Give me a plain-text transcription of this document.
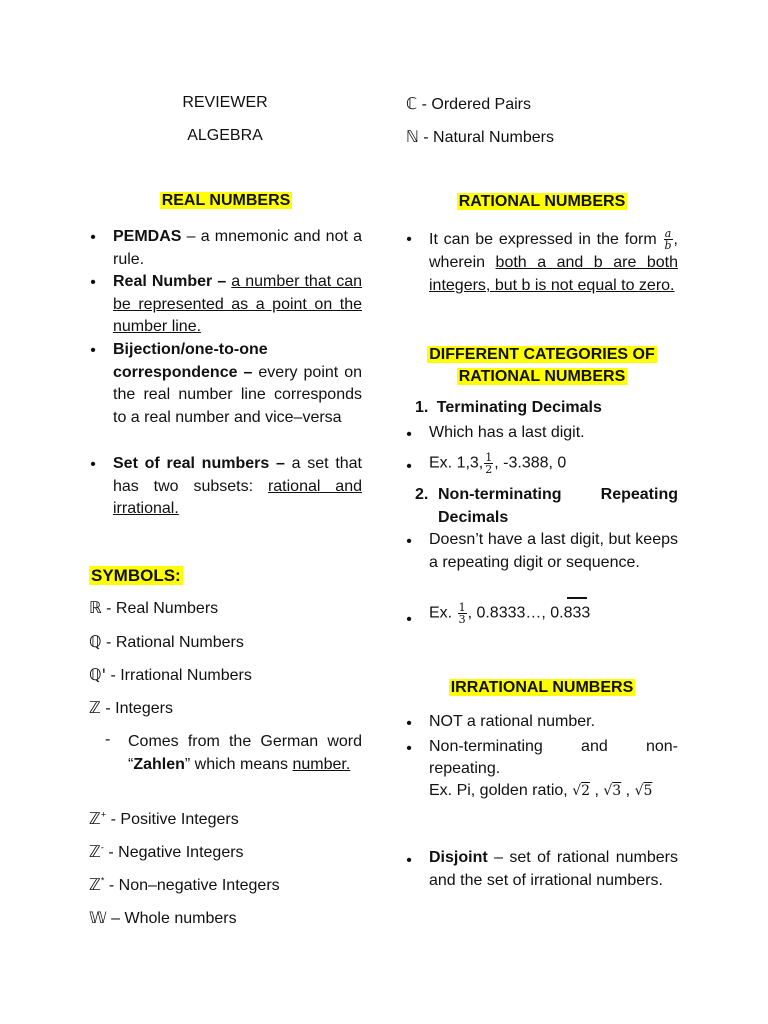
REVIEWER
ALGEBRA
ℂ - Ordered Pairs
ℕ - Natural Numbers
REAL NUMBERS
• PEMDAS – a mnemonic and not a rule.
• Real Number – a number that can be represented as a point on the number line.
• Bijection/one-to-one correspondence – every point on the real number line corresponds to a real number and vice–versa
• Set of real numbers – a set that has two subsets: rational and irrational.
SYMBOLS:
ℝ - Real Numbers
ℚ - Rational Numbers
ℚ' - Irrational Numbers
ℤ - Integers
- Comes from the German word “Zahlen” which means number.
ℤ+ - Positive Integers
ℤ- - Negative Integers
ℤ* - Non–negative Integers
𝕎 – Whole numbers
RATIONAL NUMBERS
• It can be expressed in the form $\frac{a}{b}$ , wherein both a and b are both integers, but b is not equal to zero.
DIFFERENT CATEGORIES OF
RATIONAL NUMBERS
1. Terminating Decimals
• Which has a last digit.
• Ex. 1,3, $\frac{1}{2}$ , -3.388, 0
2. Non-terminating Repeating Decimals
• Doesn’t have a last digit, but keeps a repeating digit or sequence.
• Ex. $\frac{1}{3}$ , 0.8333…, 0.833
IRRATIONAL NUMBERS
• NOT a rational number.
• Non-terminating and non-repeating.
Ex. Pi, golden ratio, √2 , √3 , √5
• Disjoint – set of rational numbers and the set of irrational numbers.
